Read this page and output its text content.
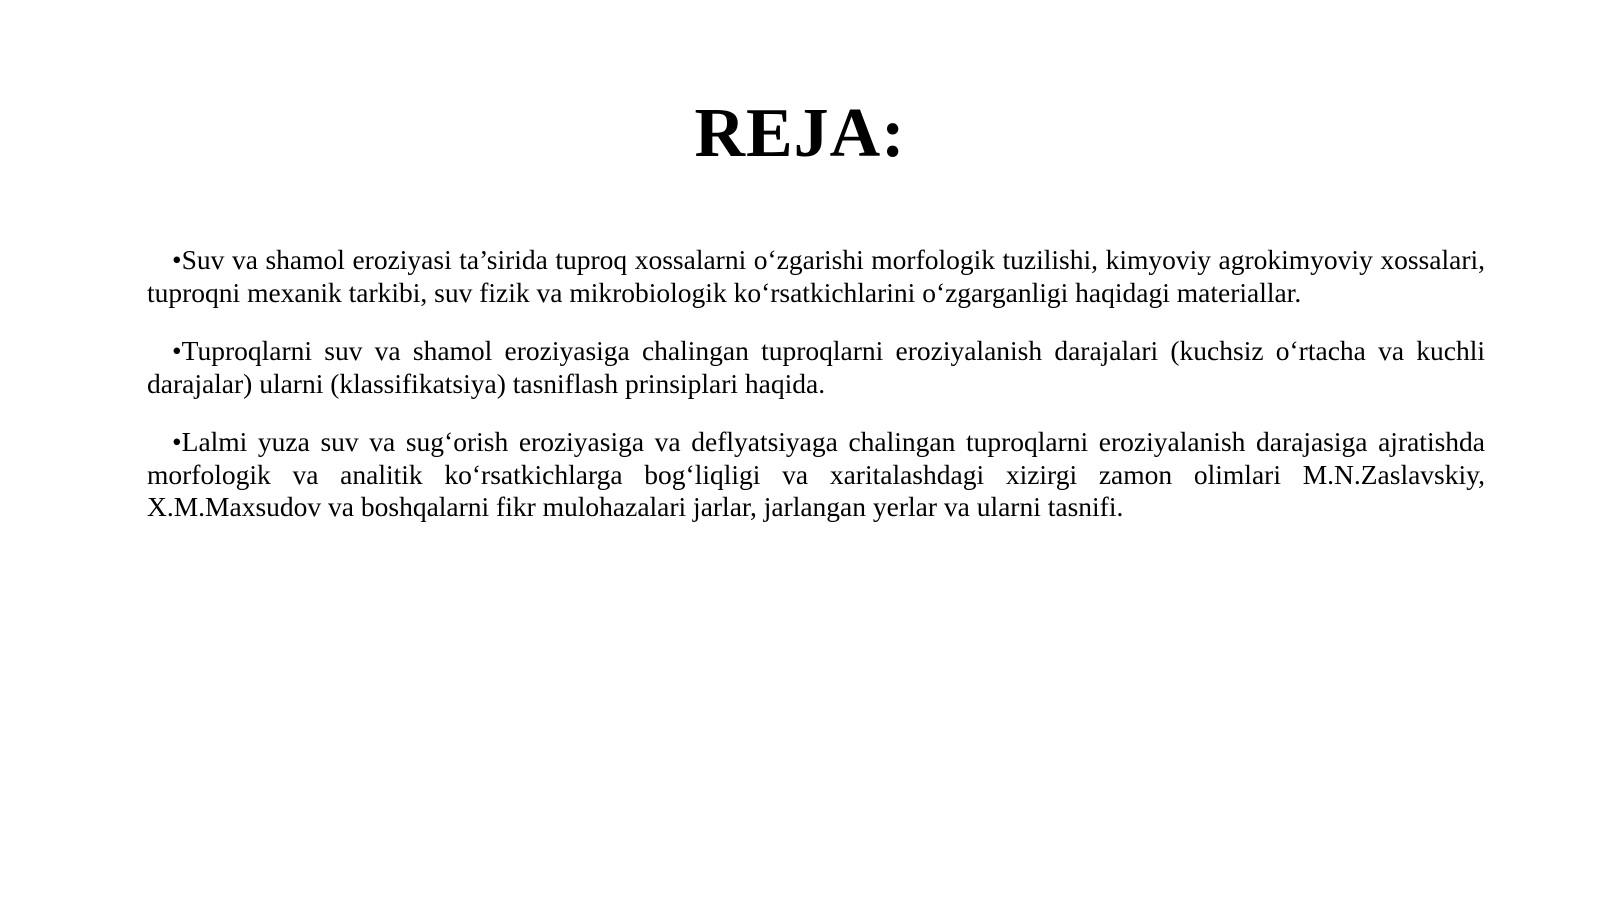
REJA:
•Suv va shamol eroziyasi ta’sirida tuproq xossalarni o‘zgarishi morfologik tuzilishi, kimyoviy agrokimyoviy xossalari, tuproqni mexanik tarkibi, suv fizik va mikrobiologik ko‘rsatkichlarini o‘zgarganligi haqidagi materiallar.
•Tuproqlarni suv va shamol eroziyasiga chalingan tuproqlarni eroziyalanish darajalari (kuchsiz o‘rtacha va kuchli darajalar) ularni (klassifikatsiya) tasniflash prinsiplari haqida.
•Lalmi yuza suv va sug‘orish eroziyasiga va deflyatsiyaga chalingan tuproqlarni eroziyalanish darajasiga ajratishda morfologik va analitik ko‘rsatkichlarga bog‘liqligi va xaritalashdagi xizirgi zamon olimlari M.N.Zaslavskiy, X.M.Maxsudov va boshqalarni fikr mulohazalari jarlar, jarlangan yerlar va ularni tasnifi.
